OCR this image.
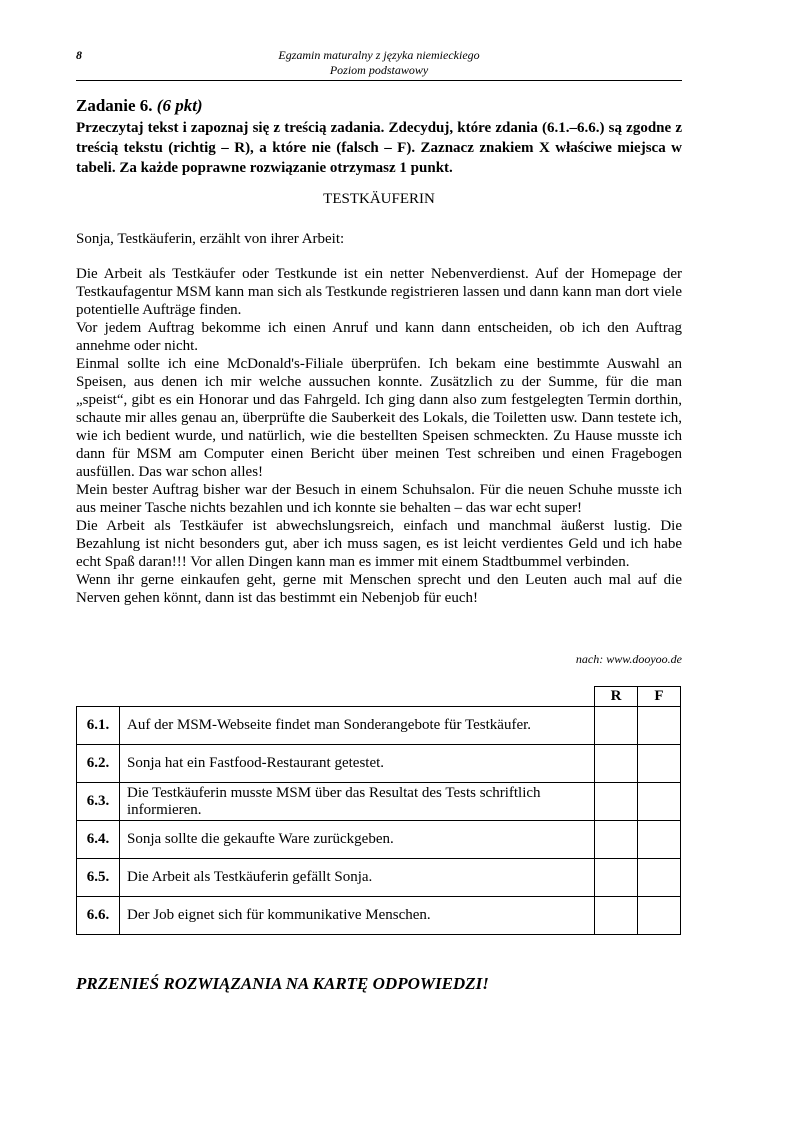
8	Egzamin maturalny z języka niemieckiego
Poziom podstawowy
Zadanie 6. (6 pkt)

Przeczytaj tekst i zapoznaj się z treścią zadania. Zdecyduj, które zdania (6.1.–6.6.) są zgodne z treścią tekstu (richtig – R), a które nie (falsch – F). Zaznacz znakiem X właściwe miejsca w tabeli. Za każde poprawne rozwiązanie otrzymasz 1 punkt.

TESTKÄUFERIN
Sonja, Testkäuferin, erzählt von ihrer Arbeit:

Die Arbeit als Testkäufer oder Testkunde ist ein netter Nebenverdienst. Auf der Homepage der Testkaufagentur MSM kann man sich als Testkunde registrieren lassen und dann kann man dort viele potentielle Aufträge finden.

Vor jedem Auftrag bekomme ich einen Anruf und kann dann entscheiden, ob ich den Auftrag annehme oder nicht.

Einmal sollte ich eine McDonald's-Filiale überprüfen. Ich bekam eine bestimmte Auswahl an Speisen, aus denen ich mir welche aussuchen konnte. Zusätzlich zu der Summe, für die man „speist“, gibt es ein Honorar und das Fahrgeld. Ich ging dann also zum festgelegten Termin dorthin, schaute mir alles genau an, überprüfte die Sauberkeit des Lokals, die Toiletten usw. Dann testete ich, wie ich bedient wurde, und natürlich, wie die bestellten Speisen schmeckten. Zu Hause musste ich dann für MSM am Computer einen Bericht über meinen Test schreiben und einen Fragebogen ausfüllen. Das war schon alles!

Mein bester Auftrag bisher war der Besuch in einem Schuhsalon. Für die neuen Schuhe musste ich aus meiner Tasche nichts bezahlen und ich konnte sie behalten – das war echt super!

Die Arbeit als Testkäufer ist abwechslungsreich, einfach und manchmal äußerst lustig. Die Bezahlung ist nicht besonders gut, aber ich muss sagen, es ist leicht verdientes Geld und ich habe echt Spaß daran!!! Vor allen Dingen kann man es immer mit einem Stadtbummel verbinden.

Wenn ihr gerne einkaufen geht, gerne mit Menschen sprecht und den Leuten auch mal auf die Nerven gehen könnt, dann ist das bestimmt ein Nebenjob für euch!

nach: www.dooyoo.de
		R	F
6.1.	Auf der MSM-Webseite findet man Sonderangebote für Testkäufer.		
6.2.	Sonja hat ein Fastfood-Restaurant getestet.		
6.3.	Die Testkäuferin musste MSM über das Resultat des Tests schriftlich informieren.		
6.4.	Sonja sollte die gekaufte Ware zurückgeben.		
6.5.	Die Arbeit als Testkäuferin gefällt Sonja.		
6.6.	Der Job eignet sich für kommunikative Menschen.		
PRZENIEŚ ROZWIĄZANIA NA KARTĘ ODPOWIEDZI!
